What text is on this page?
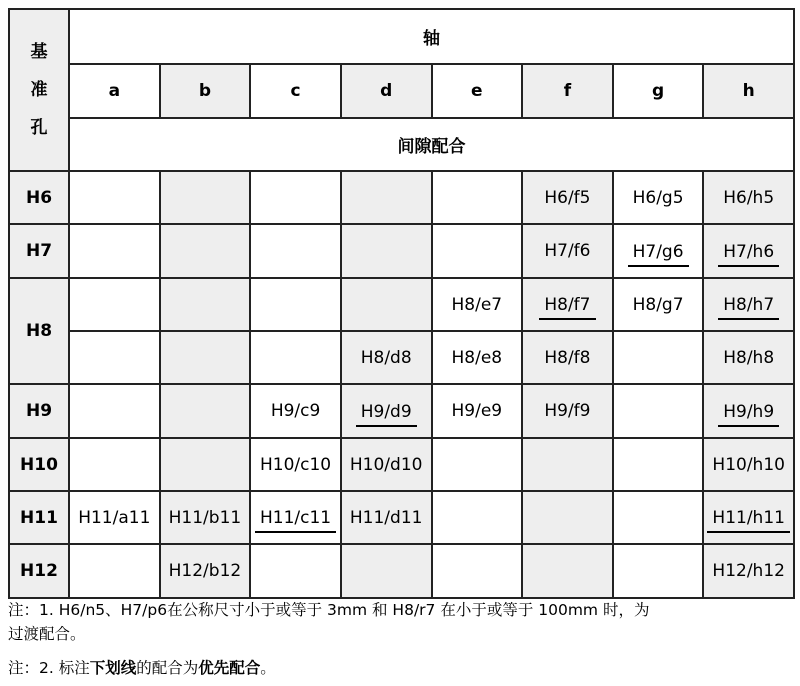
基
准
孔	轴							
	a	b	c	d	e	f	g	h
	间隙配合							
H6						H6/f5	H6/g5	H6/h5
H7						H7/f6	H7/g6	H7/h6
H8					H8/e7	H8/f7	H8/g7	H8/h7
				H8/d8	H8/e8	H8/f8		H8/h8
H9			H9/c9	H9/d9	H9/e9	H9/f9		H9/h9
H10			H10/c10	H10/d10				H10/h10
H11	H11/a11	H11/b11	H11/c11	H11/d11				H11/h11
H12		H12/b12						H12/h12
注：1. H6/n5、H7/p6在公称尺寸小于或等于 3mm 和 H8/r7 在小于或等于 100mm 时，为
过渡配合。
注：2. 标注下划线的配合为优先配合。
